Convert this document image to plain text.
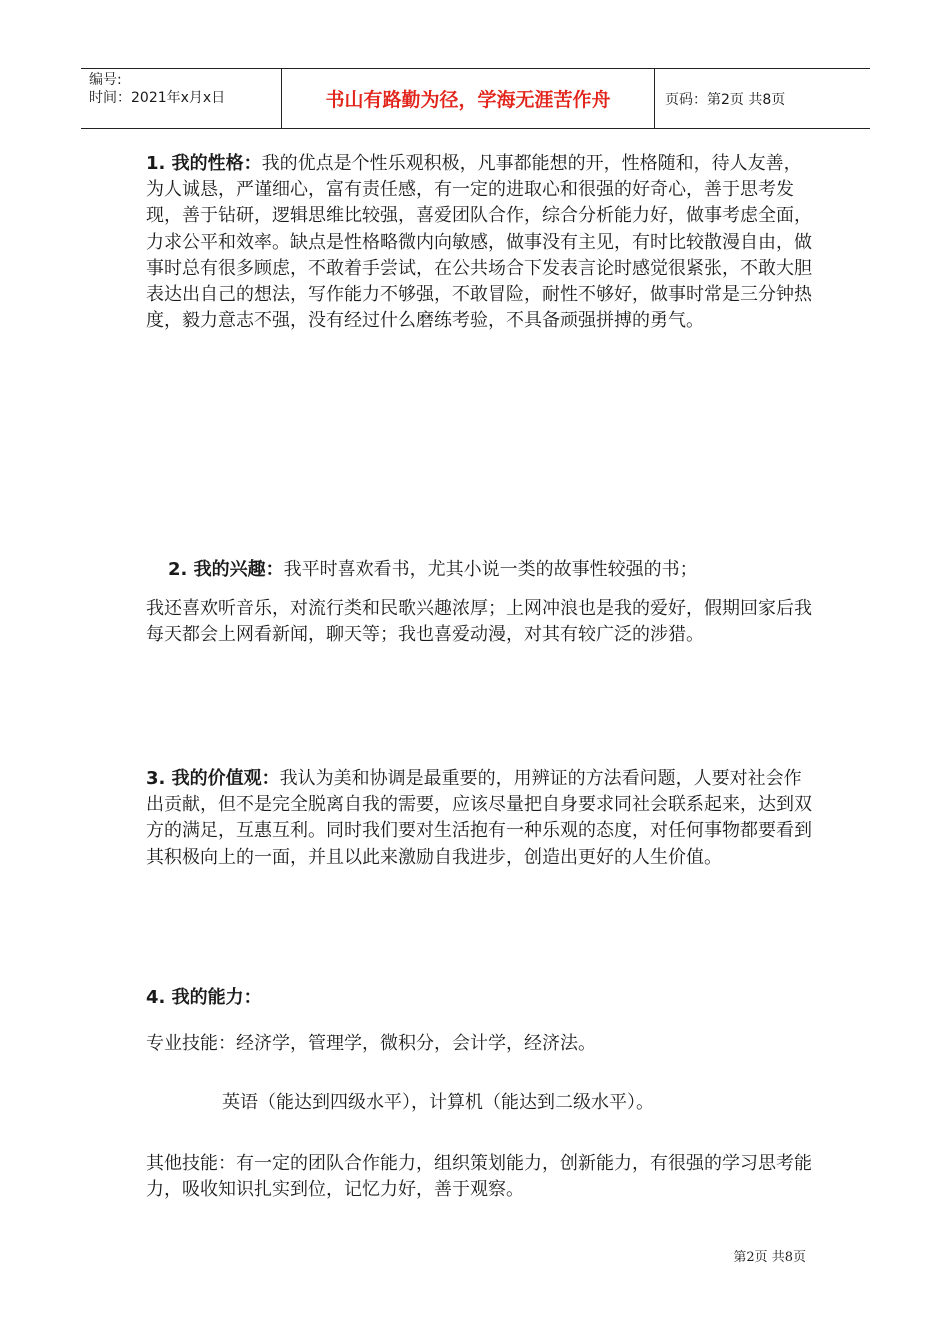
编号:
时间：2021年x月x日	书山有路勤为径，学海无涯苦作舟	页码：第2页 共8页

1. 我的性格：我的优点是个性乐观积极，凡事都能想的开，性格随和，待人友善，为人诚恳，严谨细心，富有责任感，有一定的进取心和很强的好奇心，善于思考发现，善于钻研，逻辑思维比较强，喜爱团队合作，综合分析能力好，做事考虑全面，力求公平和效率。缺点是性格略微内向敏感，做事没有主见，有时比较散漫自由，做事时总有很多顾虑，不敢着手尝试，在公共场合下发表言论时感觉很紧张，不敢大胆表达出自己的想法，写作能力不够强，不敢冒险，耐性不够好，做事时常是三分钟热度，毅力意志不强，没有经过什么磨练考验，不具备顽强拼搏的勇气。

2. 我的兴趣：我平时喜欢看书，尤其小说一类的故事性较强的书；

我还喜欢听音乐，对流行类和民歌兴趣浓厚；上网冲浪也是我的爱好，假期回家后我每天都会上网看新闻，聊天等；我也喜爱动漫，对其有较广泛的涉猎。

3. 我的价值观：我认为美和协调是最重要的，用辨证的方法看问题，人要对社会作出贡献，但不是完全脱离自我的需要，应该尽量把自身要求同社会联系起来，达到双方的满足，互惠互利。同时我们要对生活抱有一种乐观的态度，对任何事物都要看到其积极向上的一面，并且以此来激励自我进步，创造出更好的人生价值。

4. 我的能力：

专业技能：经济学，管理学，微积分，会计学，经济法。

英语（能达到四级水平），计算机（能达到二级水平）。

其他技能：有一定的团队合作能力，组织策划能力，创新能力，有很强的学习思考能力，吸收知识扎实到位，记忆力好，善于观察。

第2页 共8页
